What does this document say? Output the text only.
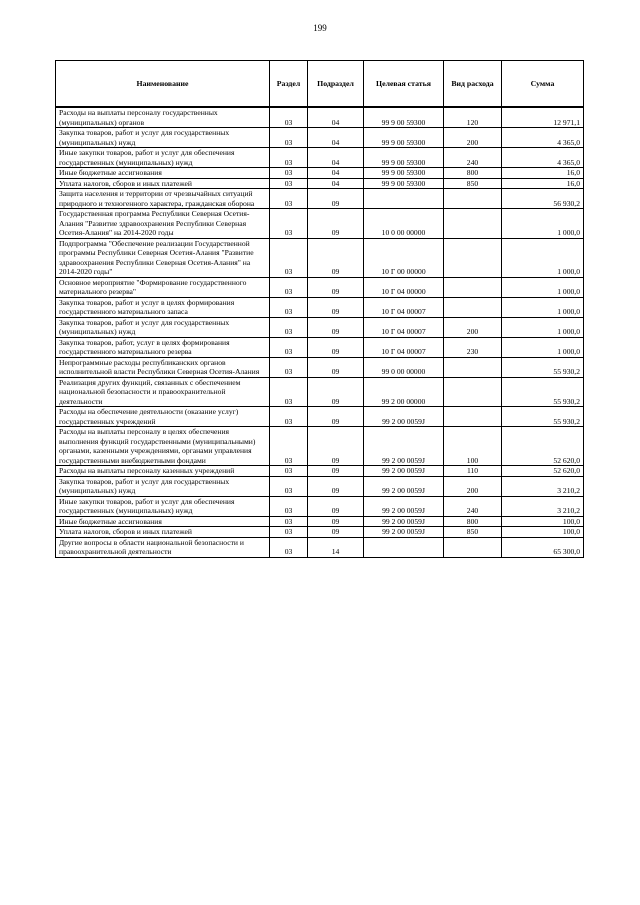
199
Наименование	Раздел	Подраздел	Целевая статья	Вид расхода	Сумма
Расходы на выплаты персоналу государственных (муниципальных) органов	03	04	99 9 00 59300	120	12 971,1
Закупка товаров, работ и услуг для государственных (муниципальных) нужд	03	04	99 9 00 59300	200	4 365,0
Иные закупки товаров, работ и услуг для обеспечения государственных (муниципальных) нужд	03	04	99 9 00 59300	240	4 365,0
Иные бюджетные ассигнования	03	04	99 9 00 59300	800	16,0
Уплата налогов, сборов и иных платежей	03	04	99 9 00 59300	850	16,0
Защита населения и территории от чрезвычайных ситуаций природного и техногенного характера, гражданская оборона	03	09			56 930,2
Государственная программа Республики Северная Осетия-Алания "Развитие здравоохранения Республики Северная Осетия-Алания" на 2014-2020 годы	03	09	10 0 00 00000		1 000,0
Подпрограмма "Обеспечение реализации Государственной программы Республики Северная Осетия-Алания "Развитие здравоохранения Республики Северная Осетия-Алания" на 2014-2020 годы"	03	09	10 Г 00 00000		1 000,0
Основное мероприятие "Формирование государственного материального резерва"	03	09	10 Г 04 00000		1 000,0
Закупка товаров, работ и услуг в целях формирования государственного материального запаса	03	09	10 Г 04 00007		1 000,0
Закупка товаров, работ и услуг для государственных (муниципальных) нужд	03	09	10 Г 04 00007	200	1 000,0
Закупка товаров, работ, услуг в целях формирования государственного материального резерва	03	09	10 Г 04 00007	230	1 000,0
Непрограммные расходы республиканских органов исполнительной власти Республики Северная Осетия-Алания	03	09	99 0 00 00000		55 930,2
Реализация других функций, связанных с обеспечением национальной безопасности и правоохранительной деятельности	03	09	99 2 00 00000		55 930,2
Расходы на обеспечение деятельности (оказание услуг) государственных учреждений	03	09	99 2 00 0059J		55 930,2
Расходы на выплаты персоналу в целях обеспечения выполнения функций государственными (муниципальными) органами, казенными учреждениями, органами управления государственными внебюджетными фондами	03	09	99 2 00 0059J	100	52 620,0
Расходы на выплаты персоналу казенных учреждений	03	09	99 2 00 0059J	110	52 620,0
Закупка товаров, работ и услуг для государственных (муниципальных) нужд	03	09	99 2 00 0059J	200	3 210,2
Иные закупки товаров, работ и услуг для обеспечения государственных (муниципальных) нужд	03	09	99 2 00 0059J	240	3 210,2
Иные бюджетные ассигнования	03	09	99 2 00 0059J	800	100,0
Уплата налогов, сборов и иных платежей	03	09	99 2 00 0059J	850	100,0
Другие вопросы в области национальной безопасности и правоохранительной деятельности	03	14			65 300,0
